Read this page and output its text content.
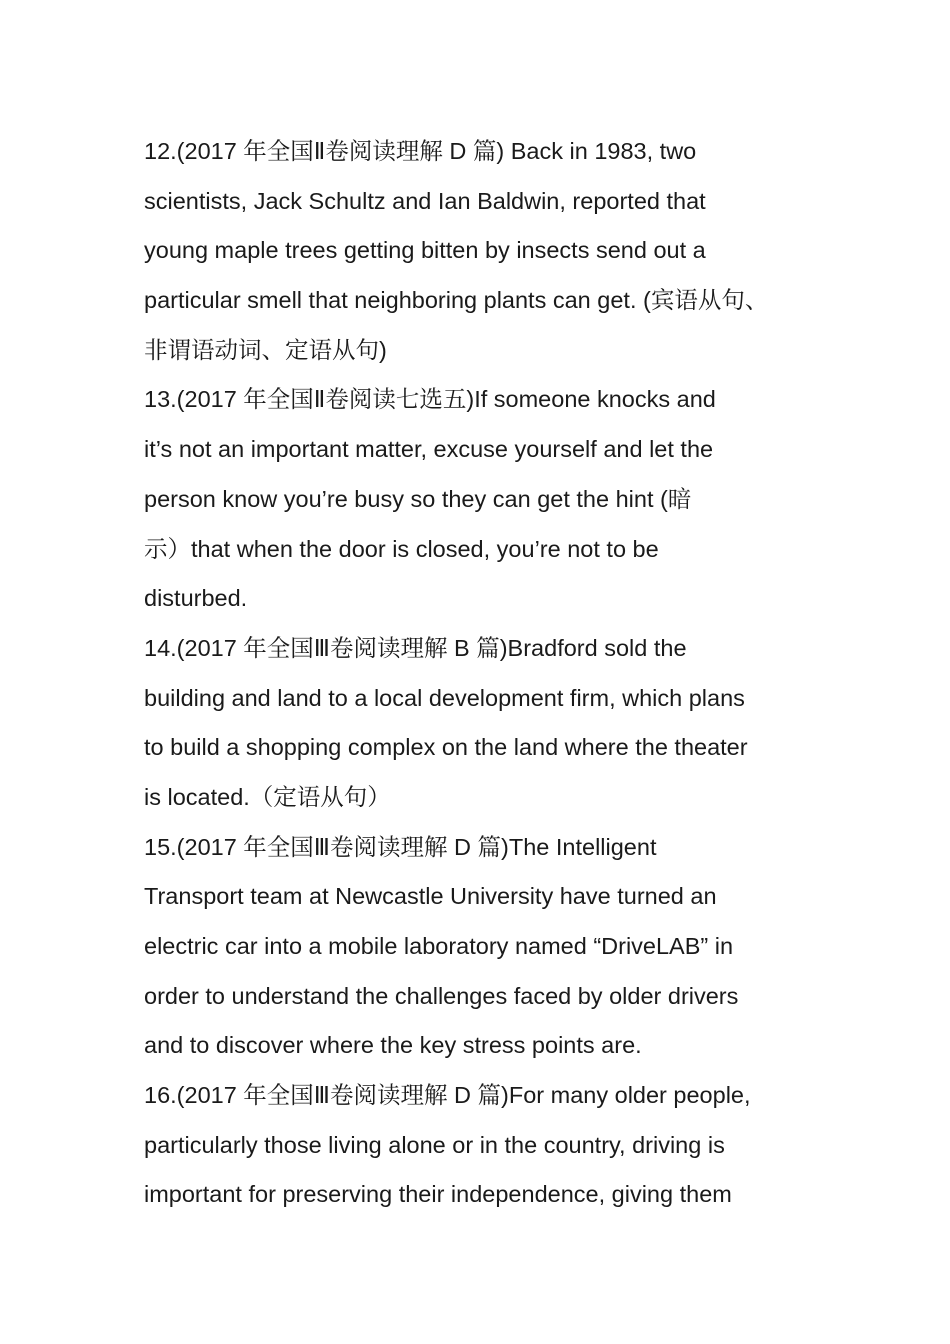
12.(2017 年全国Ⅱ卷阅读理解 D 篇) Back in 1983, two
scientists, Jack Schultz and Ian Baldwin, reported that
young maple trees getting bitten by insects send out a
particular smell that neighboring plants can get. (宾语从句、
非谓语动词、定语从句)
13.(2017 年全国Ⅱ卷阅读七选五)If someone knocks and
it’s not an important matter, excuse yourself and let the
person know you’re busy so they can get the hint (暗
示）that when the door is closed, you’re not to be
disturbed.
14.(2017 年全国Ⅲ卷阅读理解 B 篇)Bradford sold the
building and land to a local development firm, which plans
to build a shopping complex on the land where the theater
is located.（定语从句）
15.(2017 年全国Ⅲ卷阅读理解 D 篇)The Intelligent
Transport team at Newcastle University have turned an
electric car into a mobile laboratory named “DriveLAB” in
order to understand the challenges faced by older drivers
and to discover where the key stress points are.
16.(2017 年全国Ⅲ卷阅读理解 D 篇)For many older people,
particularly those living alone or in the country, driving is
important for preserving their independence, giving them
